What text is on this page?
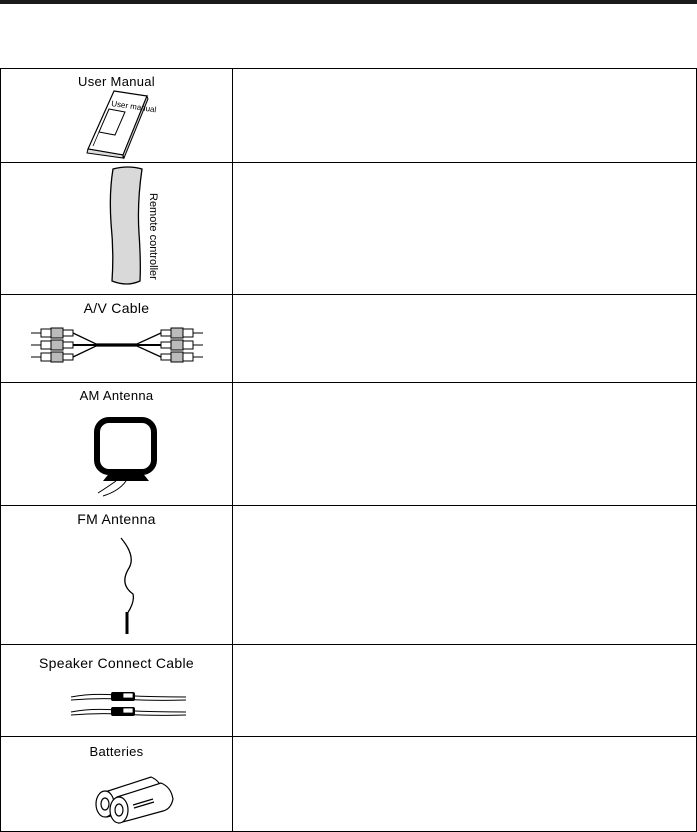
User Manual
User manual	

Remote controller	

A/V Cable	

AM Antenna	

FM Antenna	

Speaker Connect Cable	

Batteries	
